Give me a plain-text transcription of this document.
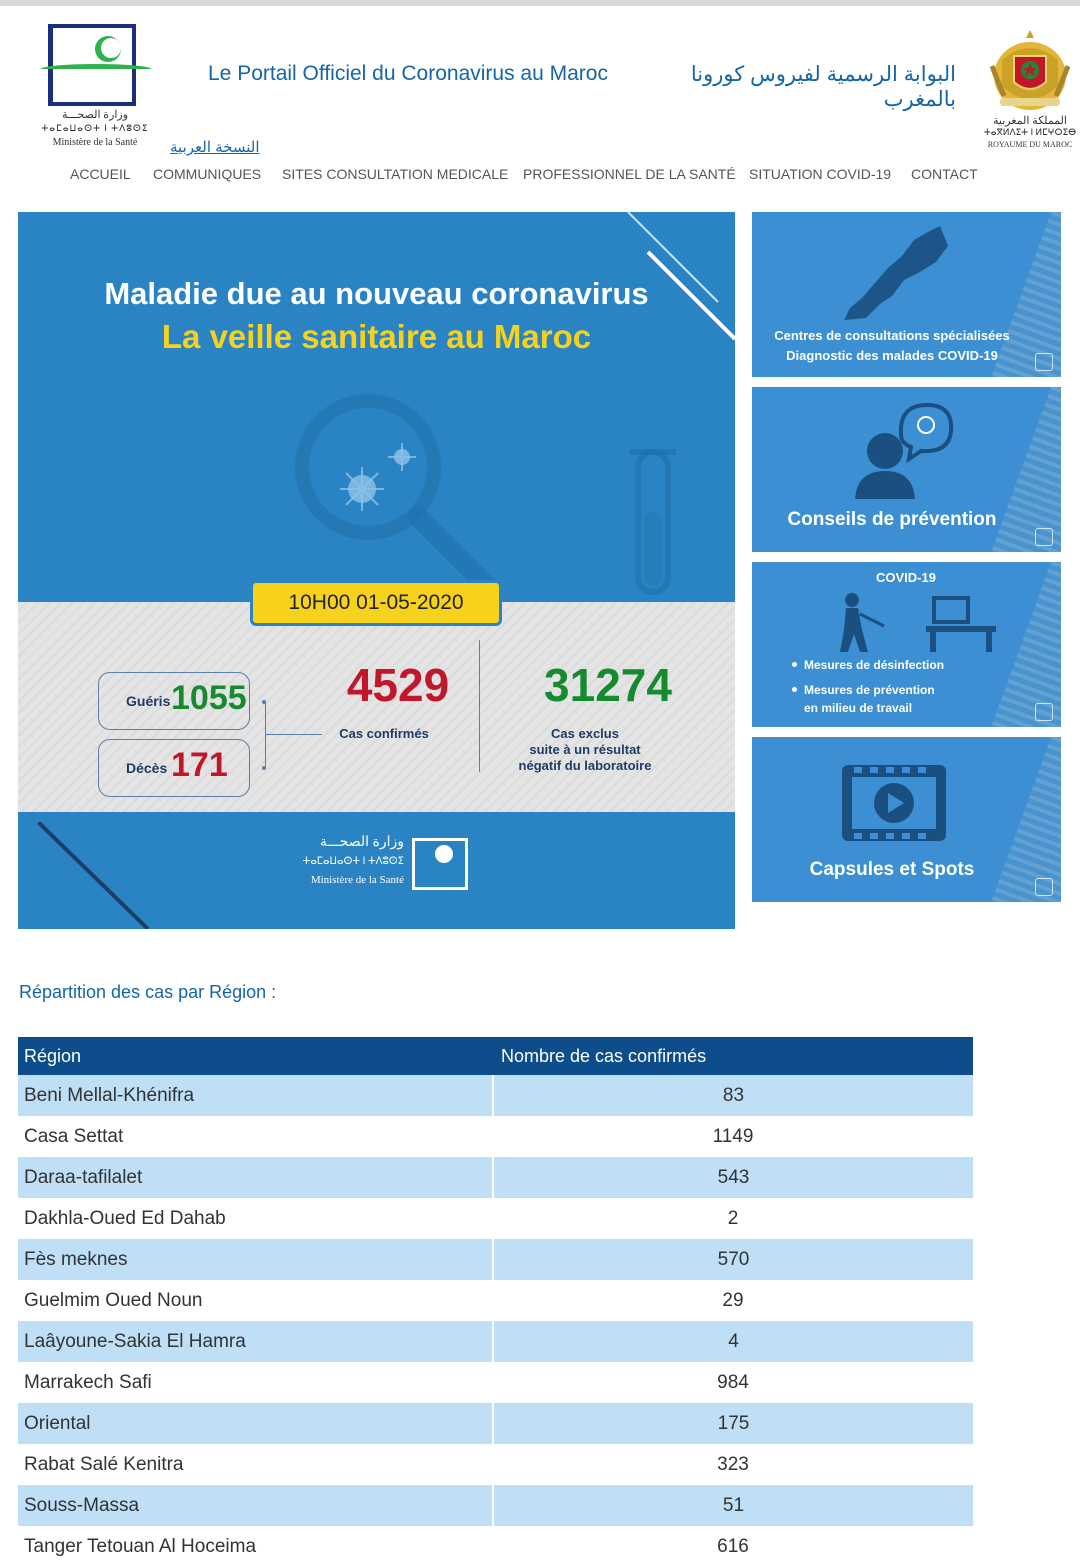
وزارة الصحـــة
ⵜⴰⵎⴰⵡⴰⵙⵜ ⵏ ⵜⴷⵓⵙⵉ
Ministère de la Santé
Le Portail Officiel du Coronavirus au Maroc	البوابة الرسمية لفيروس كورونا بالمغرب
النسخة العربية
المملكة المغربية
ⵜⴰⴳⵍⴷⵉⵜ ⵏ ⵍⵎⵖⵔⵉⴱ
ROYAUME DU MAROC
ACCUEIL COMMUNIQUES SITES CONSULTATION MEDICALE PROFESSIONNEL DE LA SANTÉ SITUATION COVID-19 CONTACT
Maladie due au nouveau coronavirus
La veille sanitaire au Maroc
10H00 01-05-2020
Guéris 1055
Décès 171
4529
Cas confirmés
31274
Cas exclus
suite à un résultat
négatif du laboratoire
وزارة الصحـــة
ⵜⴰⵎⴰⵡⴰⵙⵜ ⵏ ⵜⴷⵓⵙⵉ
Ministère de la Santé
Centres de consultations spécialisées
Diagnostic des malades COVID-19
Conseils de prévention
COVID-19
Mesures de désinfection
Mesures de prévention
en milieu de travail
Capsules et Spots
Répartition des cas par Région :
Région	Nombre de cas confirmés
Beni Mellal-Khénifra	83
Casa Settat	1149
Daraa-tafilalet	543
Dakhla-Oued Ed Dahab	2
Fès meknes	570
Guelmim Oued Noun	29
Laâyoune-Sakia El Hamra	4
Marrakech Safi	984
Oriental	175
Rabat Salé Kenitra	323
Souss-Massa	51
Tanger Tetouan Al Hoceima	616
